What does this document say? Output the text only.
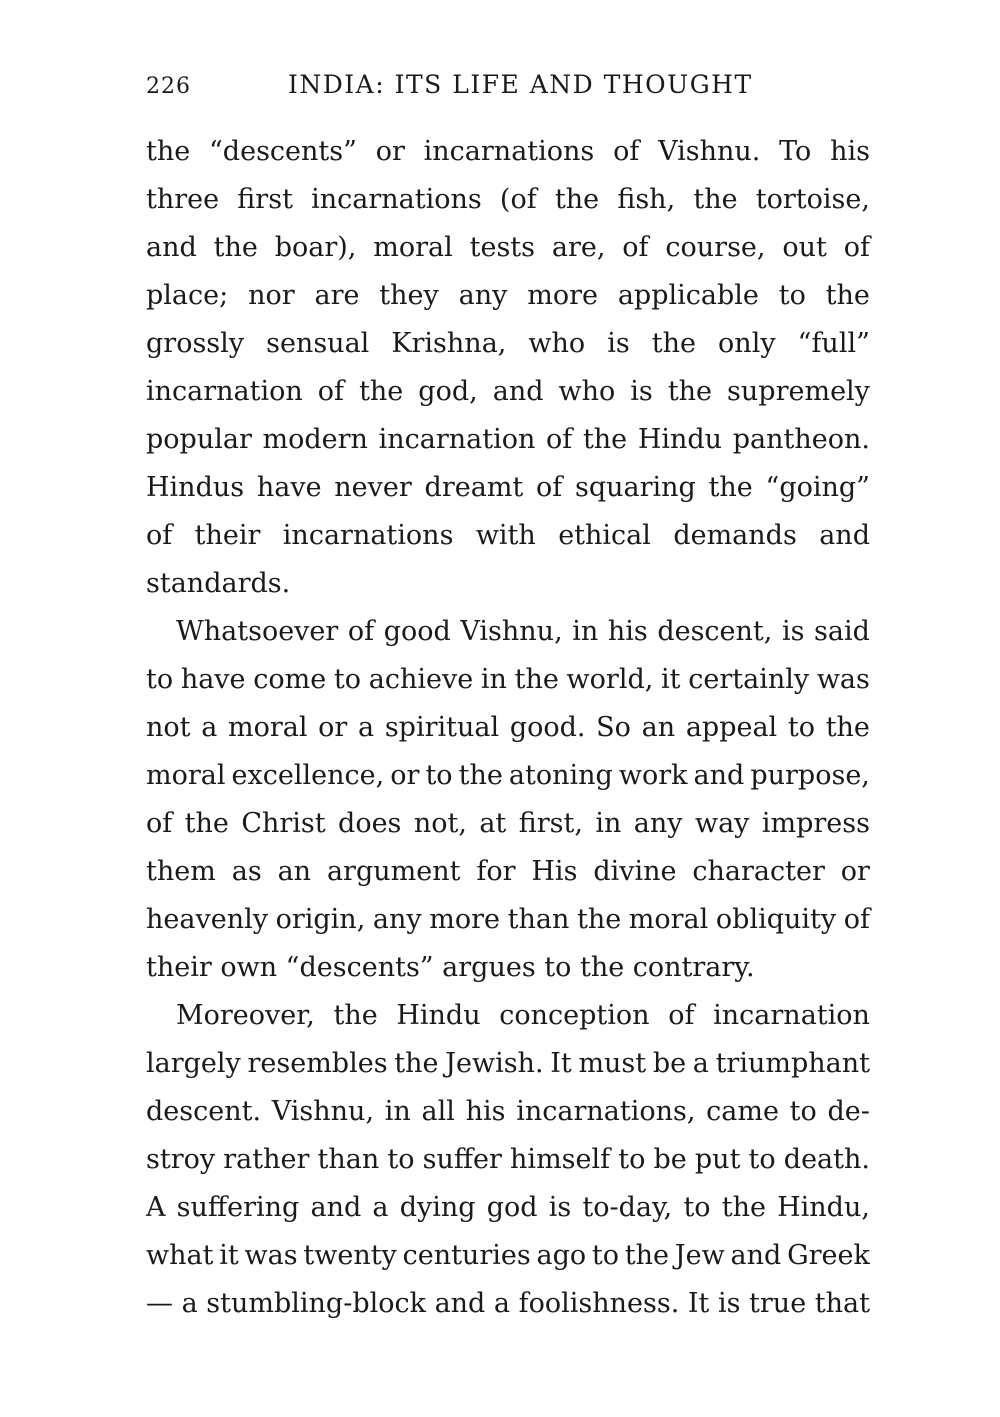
226	INDIA: ITS LIFE AND THOUGHT
the “descents” or incarnations of Vishnu. To his
three first incarnations (of the fish, the tortoise,
and the boar), moral tests are, of course, out of
place; nor are they any more applicable to the
grossly sensual Krishna, who is the only “full”
incarnation of the god, and who is the supremely
popular modern incarnation of the Hindu pantheon.
Hindus have never dreamt of squaring the “going”
of their incarnations with ethical demands and
standards.
Whatsoever of good Vishnu, in his descent, is said
to have come to achieve in the world, it certainly was
not a moral or a spiritual good. So an appeal to the
moral excellence, or to the atoning work and purpose,
of the Christ does not, at first, in any way impress
them as an argument for His divine character or
heavenly origin, any more than the moral obliquity of
their own “descents” argues to the contrary.
Moreover, the Hindu conception of incarnation
largely resembles the Jewish. It must be a triumphant
descent. Vishnu, in all his incarnations, came to de-
stroy rather than to suffer himself to be put to death.
A suffering and a dying god is to-day, to the Hindu,
what it was twenty centuries ago to the Jew and Greek
— a stumbling-block and a foolishness. It is true that
